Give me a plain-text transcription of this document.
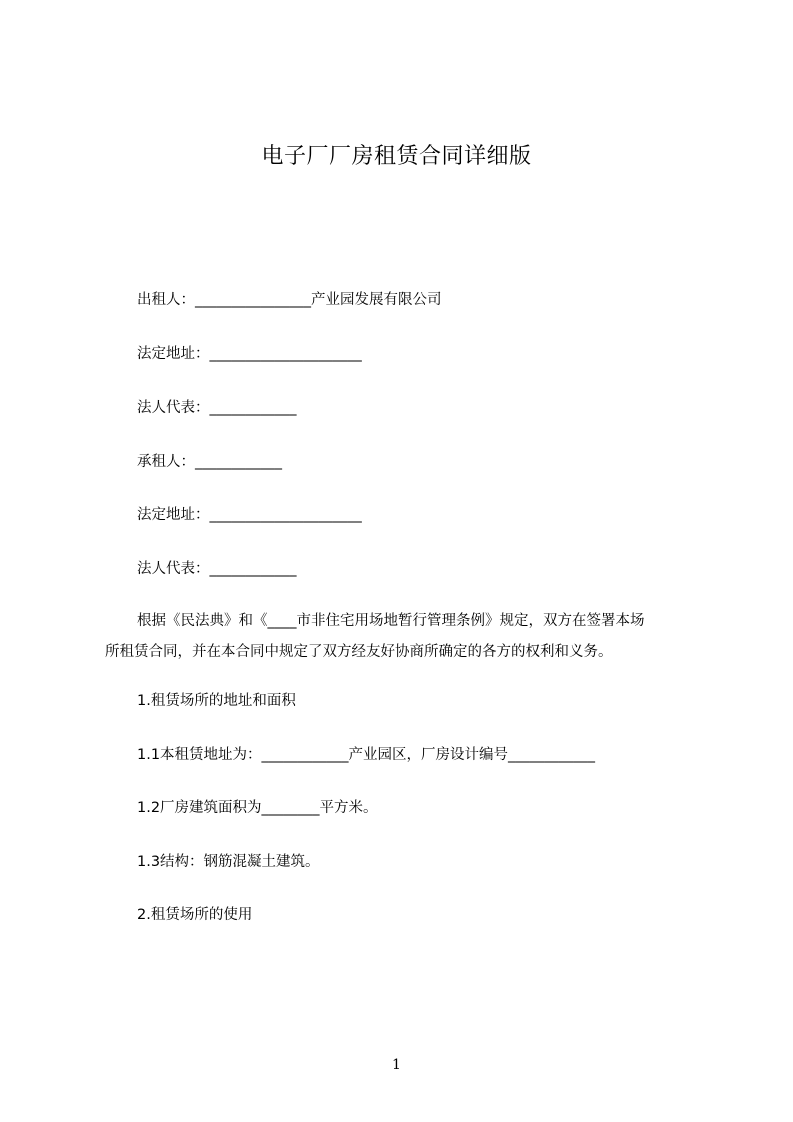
电子厂厂房租赁合同详细版
出租人：________________产业园发展有限公司
法定地址：_____________________
法人代表：____________
承租人：____________
法定地址：_____________________
法人代表：____________
根据《民法典》和《____市非住宅用场地暂行管理条例》规定，双方在签署本场
所租赁合同，并在本合同中规定了双方经友好协商所确定的各方的权利和义务。
1.租赁场所的地址和面积
1.1本租赁地址为：____________产业园区，厂房设计编号____________
1.2厂房建筑面积为________平方米。
1.3结构：钢筋混凝土建筑。
2.租赁场所的使用
1
